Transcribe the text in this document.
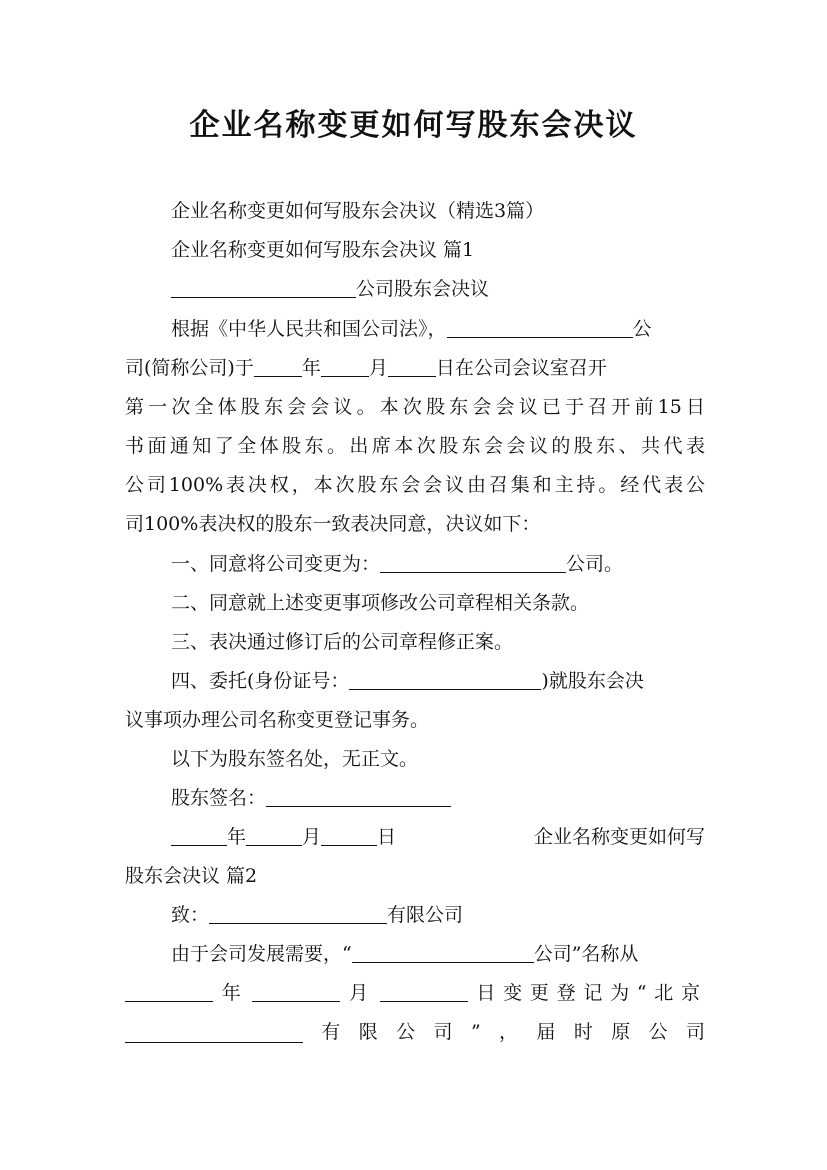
企业名称变更如何写股东会决议
企业名称变更如何写股东会决议（精选3篇）
企业名称变更如何写股东会决议 篇1
公司股东会决议
根据《中华人民共和国公司法》，	公
司(简称公司)于	年	月	日在公司会议室召开
第一次全体股东会会议。本次股东会会议已于召开前15日
书面通知了全体股东。出席本次股东会会议的股东、共代表
公司100%表决权，本次股东会会议由召集和主持。经代表公
司100%表决权的股东一致表决同意，决议如下：
一、同意将公司变更为：	公司。
二、同意就上述变更事项修改公司章程相关条款。
三、表决通过修订后的公司章程修正案。
四、委托(身份证号：	)就股东会决
议事项办理公司名称变更登记事务。
以下为股东签名处，无正文。
股东签名：
年	月	日	企业名称变更如何写
股东会决议 篇2
致：	有限公司
由于会司发展需要，“	公司”名称从
年	月	日变更登记为“北京
有 限 公 司 ” ， 届 时 原 公 司
